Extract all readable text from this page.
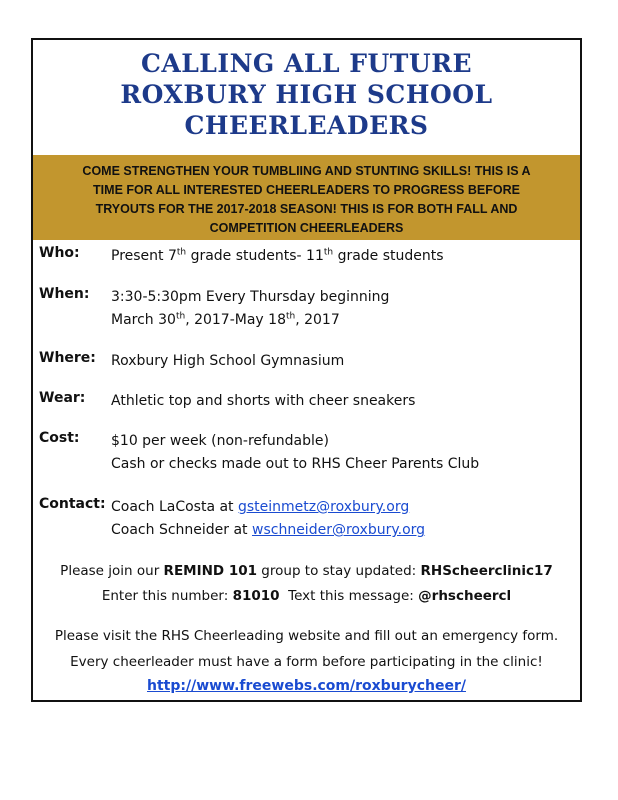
CALLING ALL FUTURE
ROXBURY HIGH SCHOOL
CHEERLEADERS
COME STRENGTHEN YOUR TUMBLIING AND STUNTING SKILLS! THIS IS A
TIME FOR ALL INTERESTED CHEERLEADERS TO PROGRESS BEFORE
TRYOUTS FOR THE 2017-2018 SEASON! THIS IS FOR BOTH FALL AND
COMPETITION CHEERLEADERS
Who: Present 7th grade students- 11th grade students
When: 3:30-5:30pm Every Thursday beginning
March 30th, 2017-May 18th, 2017
Where: Roxbury High School Gymnasium
Wear: Athletic top and shorts with cheer sneakers
Cost: $10 per week (non-refundable)
Cash or checks made out to RHS Cheer Parents Club
Contact: Coach LaCosta at gsteinmetz@roxbury.org
Coach Schneider at wschneider@roxbury.org
Please join our REMIND 101 group to stay updated: RHScheerclinic17
Enter this number: 81010  Text this message: @rhscheercl
Please visit the RHS Cheerleading website and fill out an emergency form.
Every cheerleader must have a form before participating in the clinic!
http://www.freewebs.com/roxburycheer/
